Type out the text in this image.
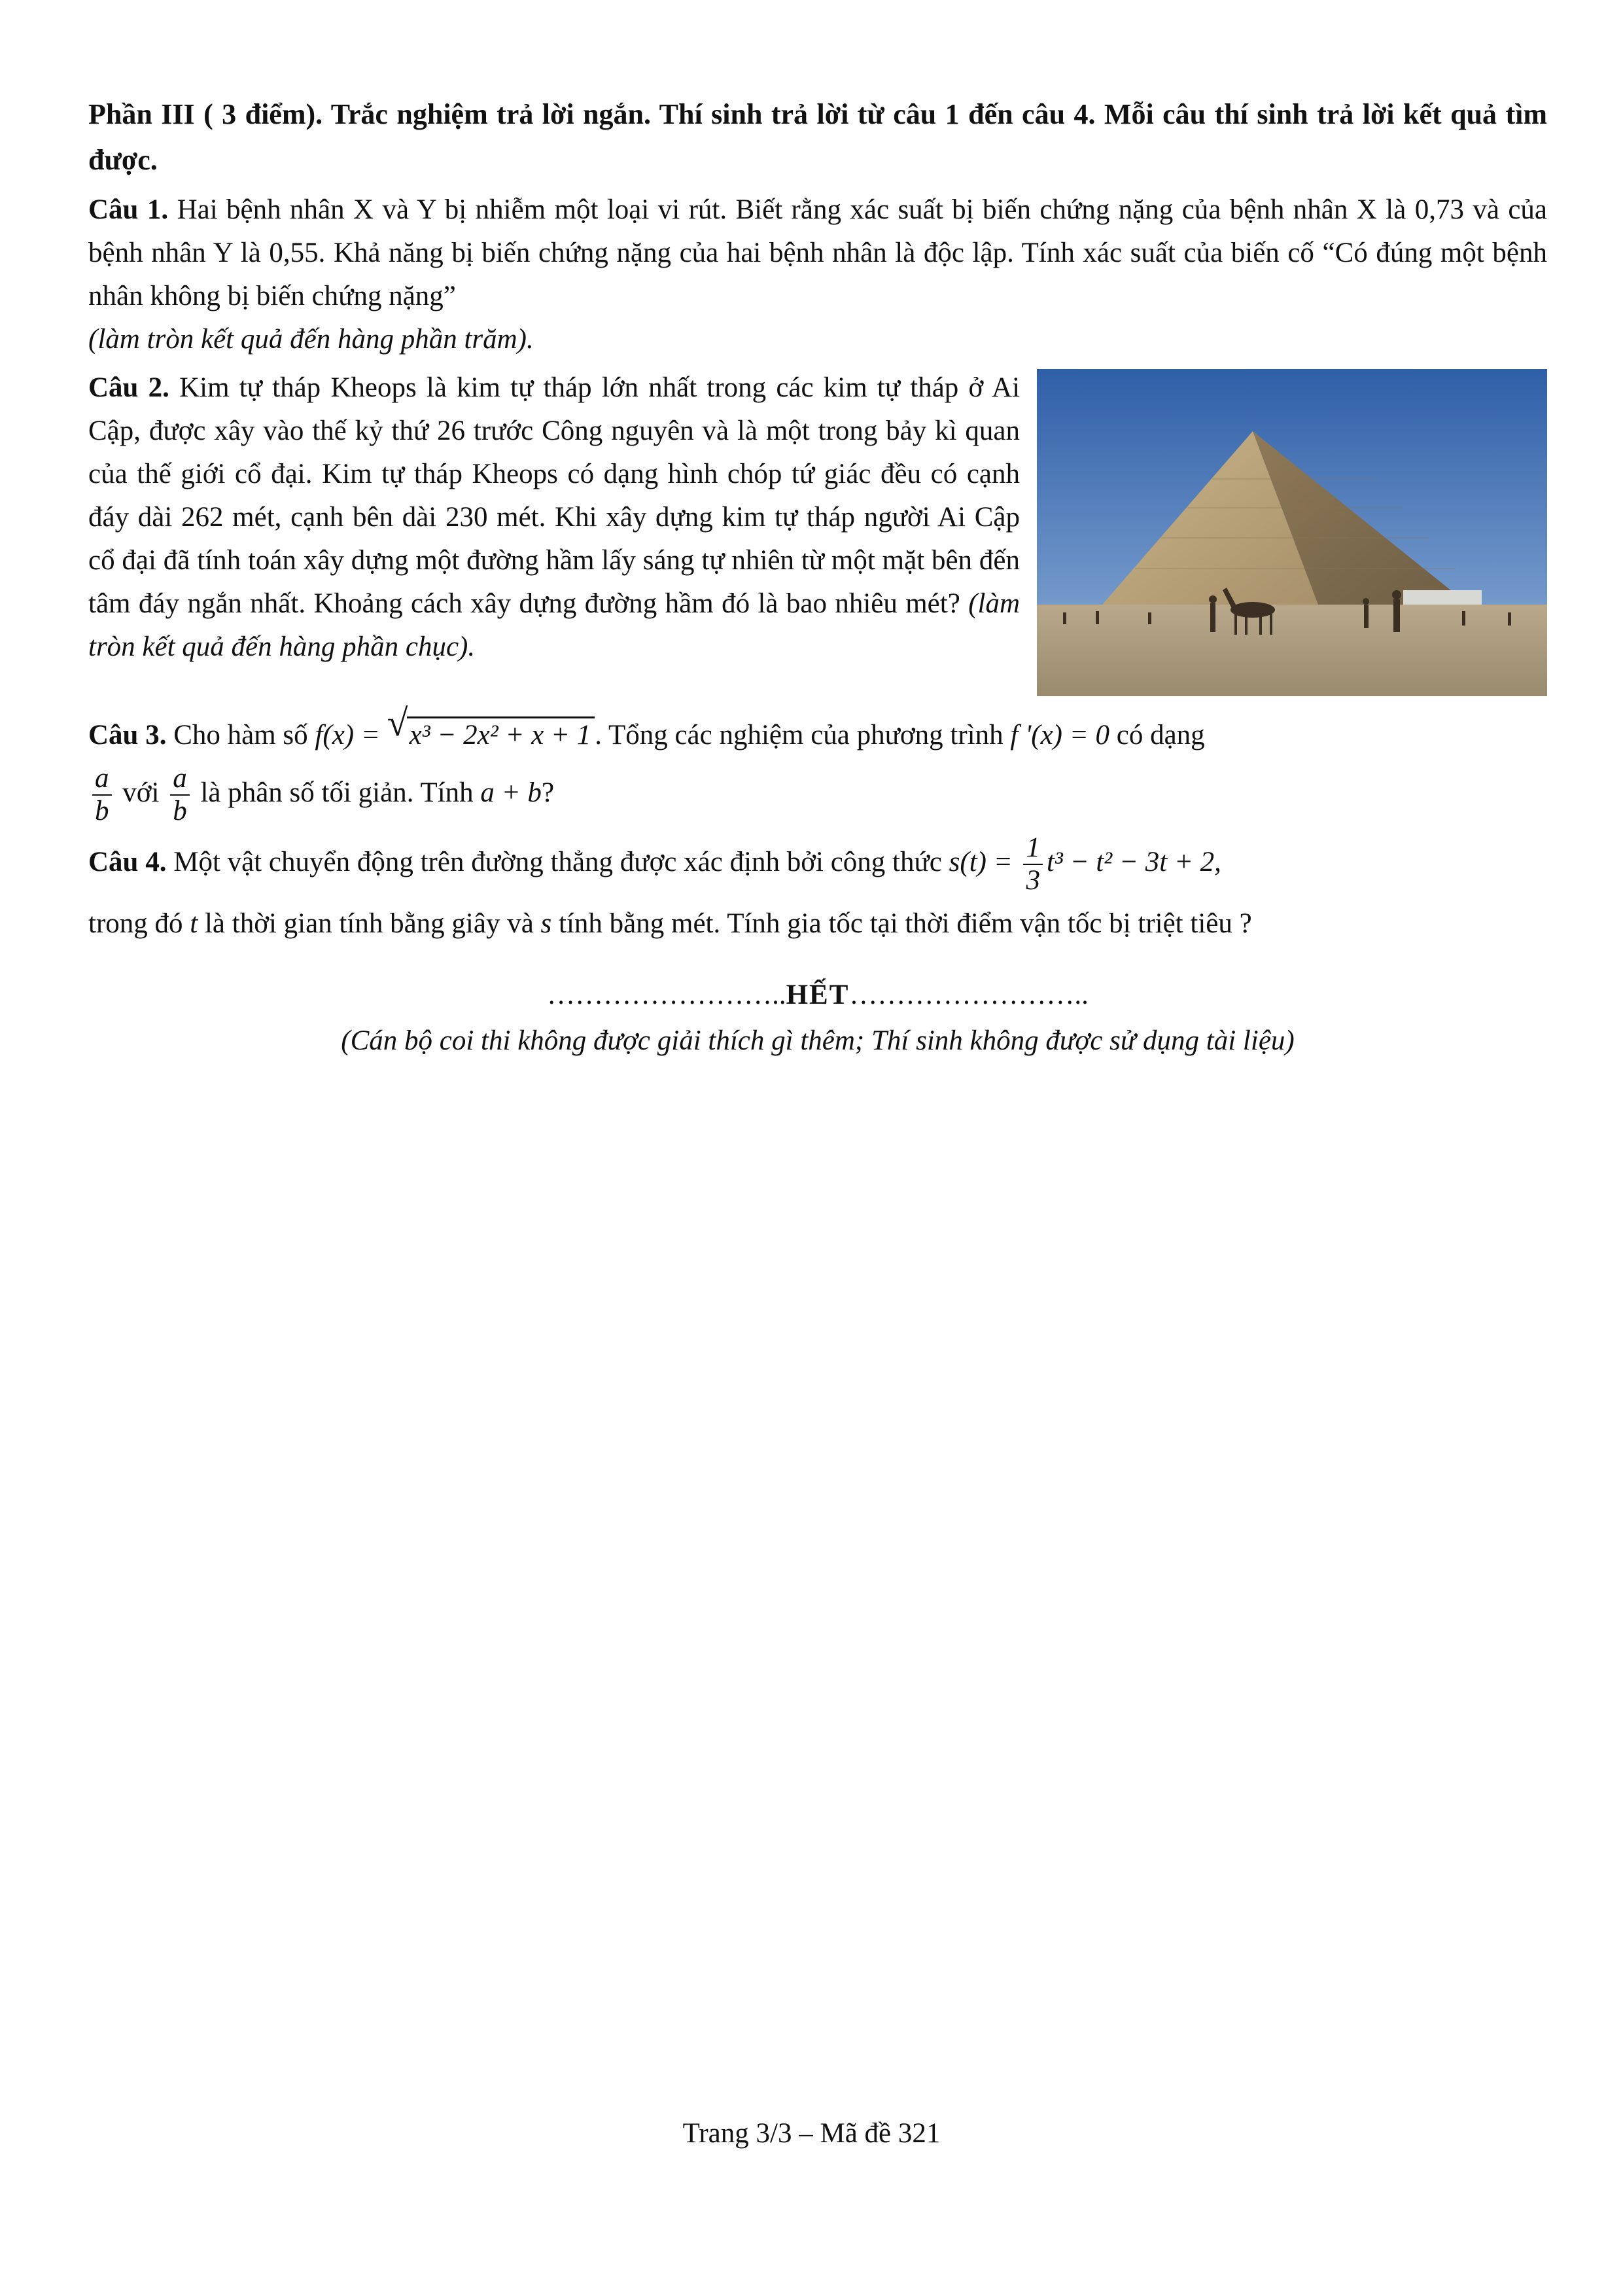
Phần III ( 3 điểm). Trắc nghiệm trả lời ngắn. Thí sinh trả lời từ câu 1 đến câu 4. Mỗi câu thí sinh trả lời kết quả tìm được.

Câu 1. Hai bệnh nhân X và Y bị nhiễm một loại vi rút. Biết rằng xác suất bị biến chứng nặng của bệnh nhân X là 0,73 và của bệnh nhân Y là 0,55. Khả năng bị biến chứng nặng của hai bệnh nhân là độc lập. Tính xác suất của biến cố “Có đúng một bệnh nhân không bị biến chứng nặng”
(làm tròn kết quả đến hàng phần trăm).

Câu 2. Kim tự tháp Kheops là kim tự tháp lớn nhất trong các kim tự tháp ở Ai Cập, được xây vào thế kỷ thứ 26 trước Công nguyên và là một trong bảy kì quan của thế giới cổ đại. Kim tự tháp Kheops có dạng hình chóp tứ giác đều có cạnh đáy dài 262 mét, cạnh bên dài 230 mét. Khi xây dựng kim tự tháp người Ai Cập cổ đại đã tính toán xây dựng một đường hầm lấy sáng tự nhiên từ một mặt bên đến tâm đáy ngắn nhất. Khoảng cách xây dựng đường hầm đó là bao nhiêu mét? (làm tròn kết quả đến hàng phần chục).

Câu 3. Cho hàm số f(x) = √ x³ − 2x² + x + 1 . Tổng các nghiệm của phương trình f '(x) = 0 có dạng

$\frac{a}{b}$ với $\frac{a}{b}$ là phân số tối giản. Tính a + b?

Câu 4. Một vật chuyển động trên đường thẳng được xác định bởi công thức $s(t) = \frac{1}{3} t^3 - t^2 - 3t + 2$,
trong đó t là thời gian tính bằng giây và s tính bằng mét. Tính gia tốc tại thời điểm vận tốc bị triệt tiêu ?

……………………..HẾT……………………..
(Cán bộ coi thi không được giải thích gì thêm; Thí sinh không được sử dụng tài liệu)
Trang 3/3 – Mã đề 321
